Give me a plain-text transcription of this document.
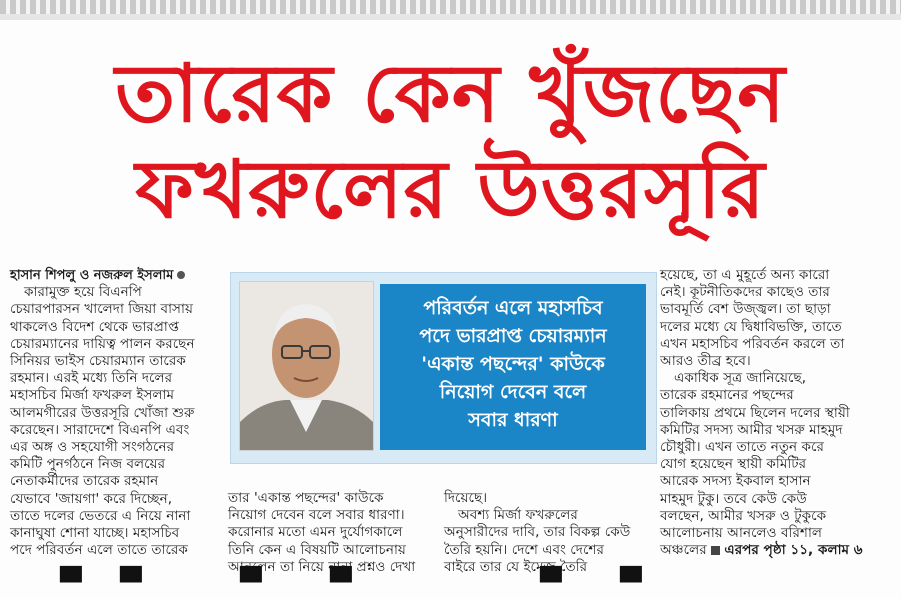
তারেক কেন খুঁজছেন
ফখরুলের উত্তরসূরি

হাসান শিপলু ও নজরুল ইসলাম

কারামুক্ত হয়ে বিএনপি

চেয়ারপারসন খালেদা জিয়া বাসায়

থাকলেও বিদেশ থেকে ভারপ্রাপ্ত

চেয়ারম্যানের দায়িত্ব পালন করছেন

সিনিয়র ভাইস চেয়ারম্যান তারেক

রহমান। এরই মধ্যে তিনি দলের

মহাসচিব মির্জা ফখরুল ইসলাম

আলমগীরের উত্তরসূরি খোঁজা শুরু

করেছেন। সারাদেশে বিএনপি এবং

এর অঙ্গ ও সহযোগী সংগঠনের

কমিটি পুনর্গঠনে নিজ বলয়ের

নেতাকর্মীদের তারেক রহমান

যেভাবে 'জায়গা' করে দিচ্ছেন,

তাতে দলের ভেতরে এ নিয়ে নানা

কানাঘুষা শোনা যাচ্ছে। মহাসচিব

পদে পরিবর্তন এলে তাতে তারেক

পরিবর্তন এলে মহাসচিব

পদে ভারপ্রাপ্ত চেয়ারম্যান

'একান্ত পছন্দের' কাউকে

নিয়োগ দেবেন বলে

সবার ধারণা

তার 'একান্ত পছন্দের' কাউকে

নিয়োগ দেবেন বলে সবার ধারণা।

করোনার মতো এমন দুর্যোগকালে

তিনি কেন এ বিষয়টি আলোচনায়

আনলেন তা নিয়ে নানা প্রশ্নও দেখা

দিয়েছে।

অবশ্য মির্জা ফখরুলের

অনুসারীদের দাবি, তার বিকল্প কেউ

তৈরি হয়নি। দেশে এবং দেশের

বাইরে তার যে ইমেজ তৈরি

হয়েছে, তা এ মুহূর্তে অন্য কারো

নেই। কূটনীতিকদের কাছেও তার

ভাবমূর্তি বেশ উজ্জ্বল। তা ছাড়া

দলের মধ্যে যে দ্বিধাবিভক্তি, তাতে

এখন মহাসচিব পরিবর্তন করলে তা

আরও তীব্র হবে।

একাধিক সূত্র জানিয়েছে,

তারেক রহমানের পছন্দের

তালিকায় প্রথমে ছিলেন দলের স্থায়ী

কমিটির সদস্য আমীর খসরু মাহমুদ

চৌধুরী। এখন তাতে নতুন করে

যোগ হয়েছেন স্থায়ী কমিটির

আরেক সদস্য ইকবাল হাসান

মাহমুদ টুকু। তবে কেউ কেউ

বলছেন, আমীর খসরু ও টুকুকে

আলোচনায় আনলেও বরিশাল

অঞ্চলের এরপর পৃষ্ঠা ১১, কলাম ৬

▀ ▀	▀ ▀	▀ ▀
